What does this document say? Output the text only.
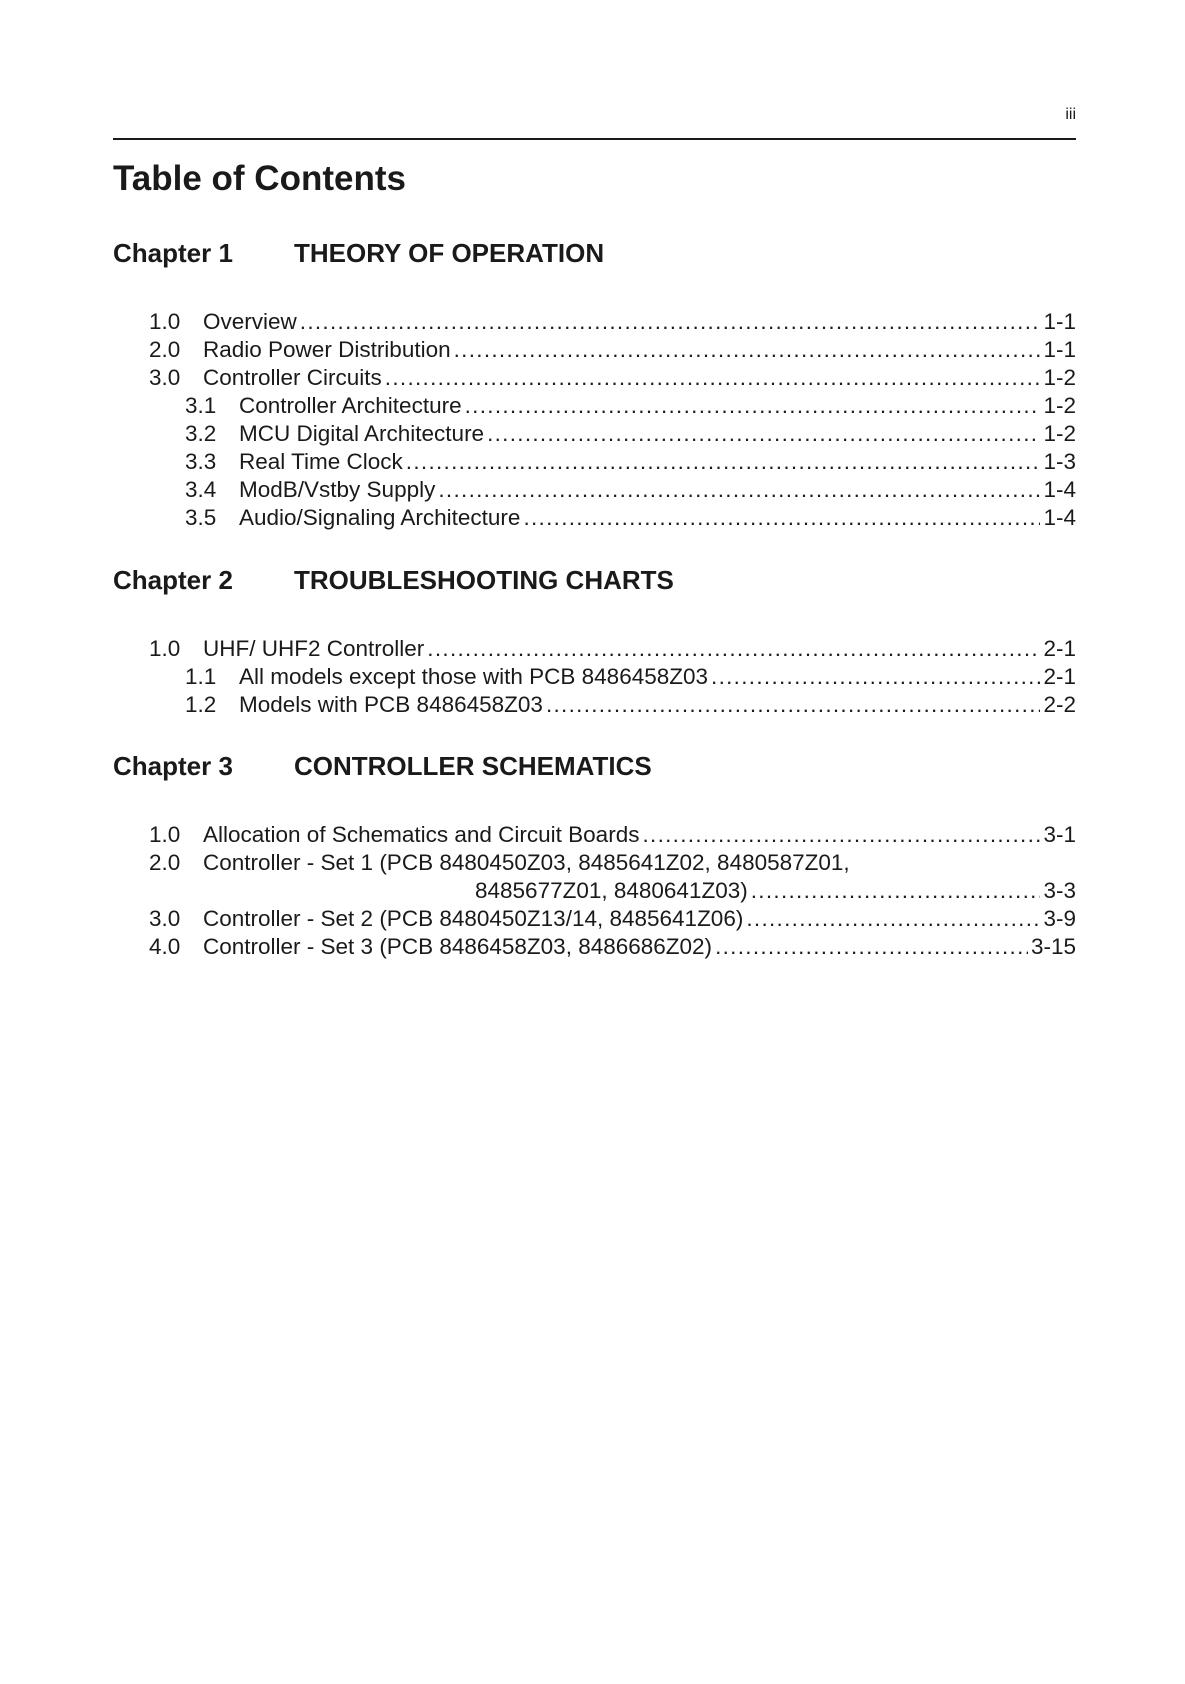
iii
Table of Contents
Chapter 1 THEORY OF OPERATION
1.0	Overview .....	1-1
2.0	Radio Power Distribution .....	1-1
3.0	Controller Circuits .....	1-2
3.1	Controller Architecture .....	1-2
3.2	MCU Digital Architecture .....	1-2
3.3	Real Time Clock .....	1-3
3.4	ModB/Vstby Supply .....	1-4
3.5	Audio/Signaling Architecture .....	1-4
Chapter 2 TROUBLESHOOTING CHARTS
1.0	UHF/ UHF2 Controller .....	2-1
1.1	All models except those with PCB 8486458Z03 .....	2-1
1.2	Models with PCB 8486458Z03 .....	2-2
Chapter 3 CONTROLLER SCHEMATICS
1.0	Allocation of Schematics and Circuit Boards .....	3-1
2.0	Controller - Set 1 (PCB 8480450Z03, 8485641Z02, 8480587Z01,
8485677Z01, 8480641Z03) .....	3-3
3.0	Controller - Set 2 (PCB 8480450Z13/14, 8485641Z06) .....	3-9
4.0	Controller - Set 3 (PCB 8486458Z03, 8486686Z02) .....	3-15
